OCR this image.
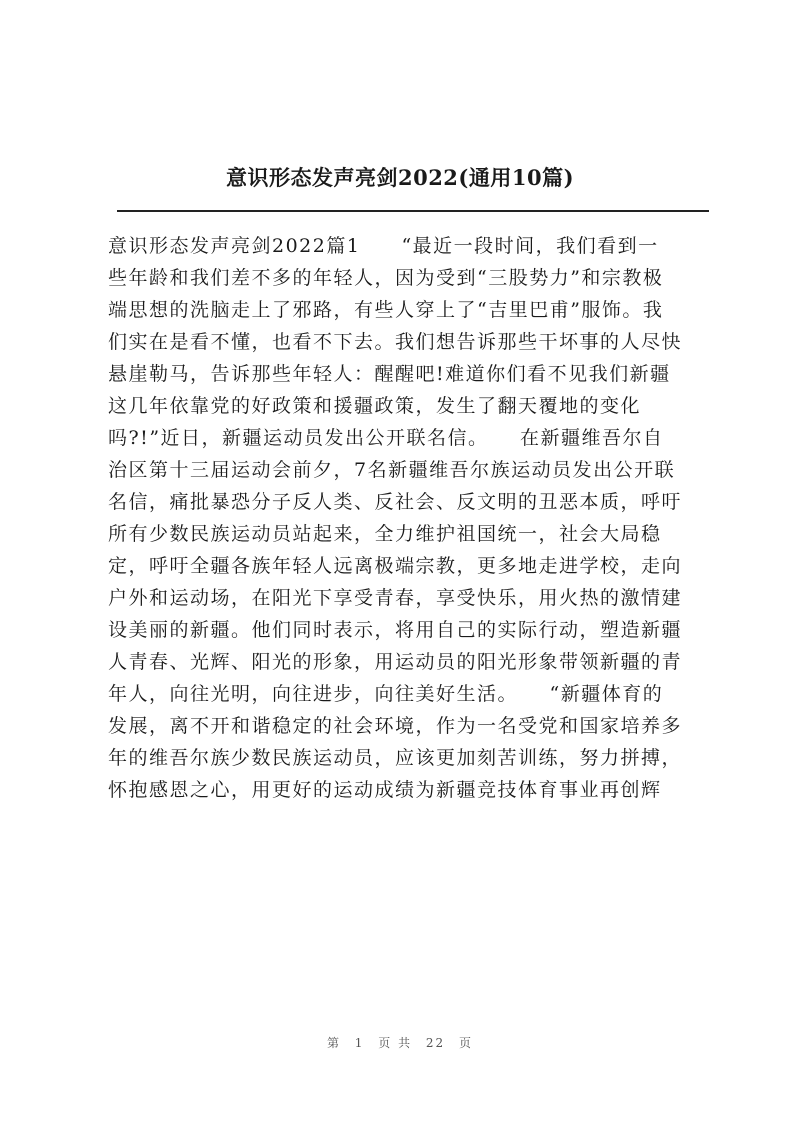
意识形态发声亮剑2022(通用10篇)
意识形态发声亮剑2022篇1　　“最近一段时间，我们看到一
些年龄和我们差不多的年轻人，因为受到“三股势力”和宗教极
端思想的洗脑走上了邪路，有些人穿上了“吉里巴甫”服饰。我
们实在是看不懂，也看不下去。我们想告诉那些干坏事的人尽快
悬崖勒马，告诉那些年轻人：醒醒吧!难道你们看不见我们新疆
这几年依靠党的好政策和援疆政策，发生了翻天覆地的变化
吗?!”近日，新疆运动员发出公开联名信。　　在新疆维吾尔自
治区第十三届运动会前夕，7名新疆维吾尔族运动员发出公开联
名信，痛批暴恐分子反人类、反社会、反文明的丑恶本质，呼吁
所有少数民族运动员站起来，全力维护祖国统一，社会大局稳
定，呼吁全疆各族年轻人远离极端宗教，更多地走进学校，走向
户外和运动场，在阳光下享受青春，享受快乐，用火热的激情建
设美丽的新疆。他们同时表示，将用自己的实际行动，塑造新疆
人青春、光辉、阳光的形象，用运动员的阳光形象带领新疆的青
年人，向往光明，向往进步，向往美好生活。　　“新疆体育的
发展，离不开和谐稳定的社会环境，作为一名受党和国家培养多
年的维吾尔族少数民族运动员，应该更加刻苦训练，努力拼搏，
怀抱感恩之心，用更好的运动成绩为新疆竞技体育事业再创辉
第 1 页 共 22 页
